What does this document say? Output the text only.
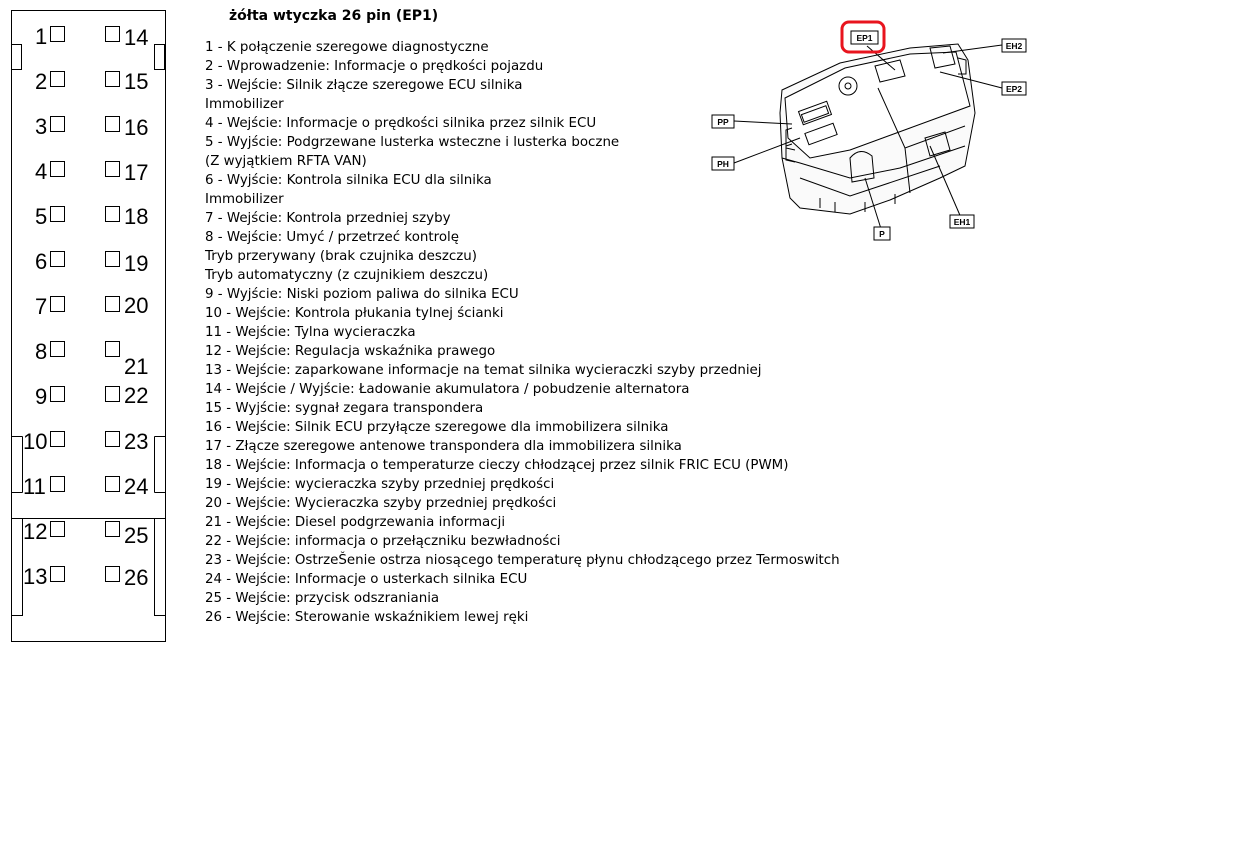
1
2
3
4
5
6
7
8
9
10
11
12
13
14
15
16
17
18
19
20
21
22
23
24
25
26
żółta wtyczka 26 pin (EP1)
1 - K połączenie szeregowe diagnostyczne
2 - Wprowadzenie: Informacje o prędkości pojazdu
3 - Wejście: Silnik złącze szeregowe ECU silnika
Immobilizer
4 - Wejście: Informacje o prędkości silnika przez silnik ECU
5 - Wyjście: Podgrzewane lusterka wsteczne i lusterka boczne
(Z wyjątkiem RFTA VAN)
6 - Wyjście: Kontrola silnika ECU dla silnika
Immobilizer
7 - Wejście: Kontrola przedniej szyby
8 - Wejście: Umyć / przetrzeć kontrolę
Tryb przerywany (brak czujnika deszczu)
Tryb automatyczny (z czujnikiem deszczu)
9 - Wyjście: Niski poziom paliwa do silnika ECU
10 - Wejście: Kontrola płukania tylnej ścianki
11 - Wejście: Tylna wycieraczka
12 - Wejście: Regulacja wskaźnika prawego
13 - Wejście: zaparkowane informacje na temat silnika wycieraczki szyby przedniej
14 - Wejście / Wyjście: Ładowanie akumulatora / pobudzenie alternatora
15 - Wyjście: sygnał zegara transpondera
16 - Wejście: Silnik ECU przyłącze szeregowe dla immobilizera silnika
17 - Złącze szeregowe antenowe transpondera dla immobilizera silnika
18 - Wejście: Informacja o temperaturze cieczy chłodzącej przez silnik FRIC ECU (PWM)
19 - Wejście: wycieraczka szyby przedniej prędkości
20 - Wejście: Wycieraczka szyby przedniej prędkości
21 - Wejście: Diesel podgrzewania informacji
22 - Wejście: informacja o przełączniku bezwładności
23 - Wejście: OstrzeŠenie ostrza niosącego temperaturę płynu chłodzącego przez Termoswitch
24 - Wejście: Informacje o usterkach silnika ECU
25 - Wejście: przycisk odszraniania
26 - Wejście: Sterowanie wskaźnikiem lewej ręki
EP1
EH2
EP2
PP
PH
P
EH1
